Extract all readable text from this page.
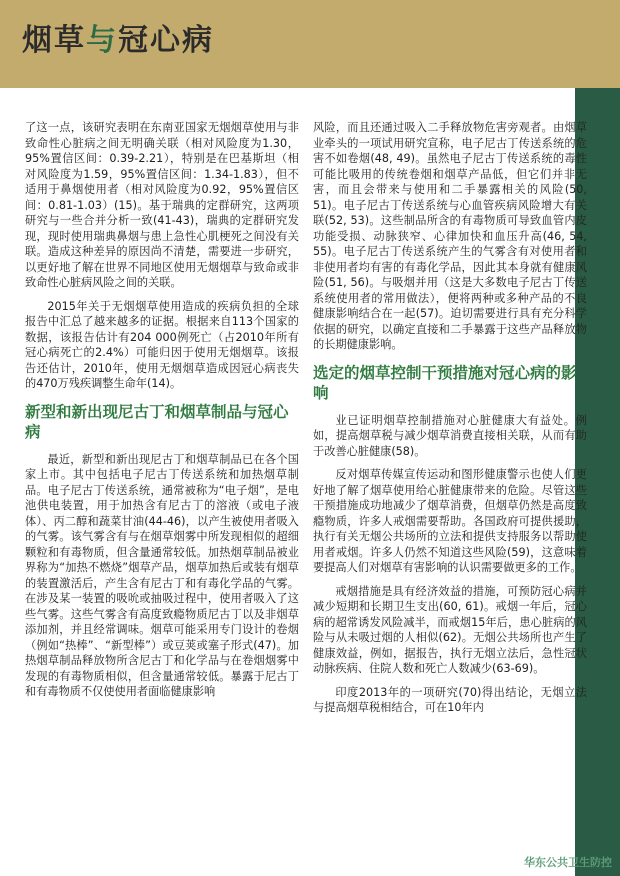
烟草与冠心病

了这一点，该研究表明在东南亚国家无烟烟草使用与非致命性心脏病之间无明确关联（相对风险度为1.30，95%置信区间：0.39-2.21），特别是在巴基斯坦（相对风险度为1.59，95%置信区间：1.34-1.83），但不适用于鼻烟使用者（相对风险度为0.92，95%置信区间：0.81-1.03）(15)。基于瑞典的定群研究，这两项研究与一些合并分析一致(41-43)，瑞典的定群研究发现，现时使用瑞典鼻烟与患上急性心肌梗死之间没有关联。造成这种差异的原因尚不清楚，需要进一步研究，以更好地了解在世界不同地区使用无烟烟草与致命或非致命性心脏病风险之间的关联。

2015年关于无烟烟草使用造成的疾病负担的全球报告中汇总了越来越多的证据。根据来自113个国家的数据，该报告估计有204 000例死亡（占2010年所有冠心病死亡的2.4%）可能归因于使用无烟烟草。该报告还估计，2010年，使用无烟烟草造成因冠心病丧失的470万残疾调整生命年(14)。

新型和新出现尼古丁和烟草制品与冠心病

最近，新型和新出现尼古丁和烟草制品已在各个国家上市。其中包括电子尼古丁传送系统和加热烟草制品。电子尼古丁传送系统，通常被称为“电子烟”，是电池供电装置，用于加热含有尼古丁的溶液（或电子液体）、丙二醇和蔬菜甘油(44-46)，以产生被使用者吸入的气雾。该气雾含有与在烟草烟雾中所发现相似的超细颗粒和有毒物质，但含量通常较低。加热烟草制品被业界称为“加热不燃烧”烟草产品，烟草加热后或装有烟草的装置激活后，产生含有尼古丁和有毒化学品的气雾。在涉及某一装置的吸吮或抽吸过程中，使用者吸入了这些气雾。这些气雾含有高度致瘾物质尼古丁以及非烟草添加剂，并且经常调味。烟草可能采用专门设计的卷烟（例如“热棒”、“新型棒”）或豆荚或塞子形式(47)。加热烟草制品释放物所含尼古丁和化学品与在卷烟烟雾中发现的有毒物质相似，但含量通常较低。暴露于尼古丁和有毒物质不仅使使用者面临健康影响

风险，而且还通过吸入二手释放物危害旁观者。由烟草业牵头的一项试用研究宣称，电子尼古丁传送系统的危害不如卷烟(48, 49)。虽然电子尼古丁传送系统的毒性可能比吸用的传统卷烟和烟草产品低，但它们并非无害，而且会带来与使用和二手暴露相关的风险(50, 51)。电子尼古丁传送系统与心血管疾病风险增大有关联(52, 53)。这些制品所含的有毒物质可导致血管内皮功能受损、动脉狭窄、心律加快和血压升高(46, 54, 55)。电子尼古丁传送系统产生的气雾含有对使用者和非使用者均有害的有毒化学品，因此其本身就有健康风险(51, 56)。与吸烟并用（这是大多数电子尼古丁传送系统使用者的常用做法），便将两种或多种产品的不良健康影响结合在一起(57)。迫切需要进行具有充分科学依据的研究，以确定直接和二手暴露于这些产品释放物的长期健康影响。

选定的烟草控制干预措施对冠心病的影响

业已证明烟草控制措施对心脏健康大有益处。例如，提高烟草税与减少烟草消费直接相关联，从而有助于改善心脏健康(58)。

反对烟草传媒宣传运动和图形健康警示也使人们更好地了解了烟草使用给心脏健康带来的危险。尽管这些干预措施成功地减少了烟草消费，但烟草仍然是高度致瘾物质，许多人戒烟需要帮助。各国政府可提供援助，执行有关无烟公共场所的立法和提供支持服务以帮助使用者戒烟。许多人仍然不知道这些风险(59)，这意味着要提高人们对烟草有害影响的认识需要做更多的工作。

戒烟措施是具有经济效益的措施，可预防冠心病并减少短期和长期卫生支出(60, 61)。戒烟一年后，冠心病的超常诱发风险减半，而戒烟15年后，患心脏病的风险与从未吸过烟的人相似(62)。无烟公共场所也产生了健康效益，例如，据报告，执行无烟立法后，急性冠状动脉疾病、住院人数和死亡人数减少(63-69)。

印度2013年的一项研究(70)得出结论，无烟立法与提高烟草税相结合，可在10年内

华东公共卫生防控
